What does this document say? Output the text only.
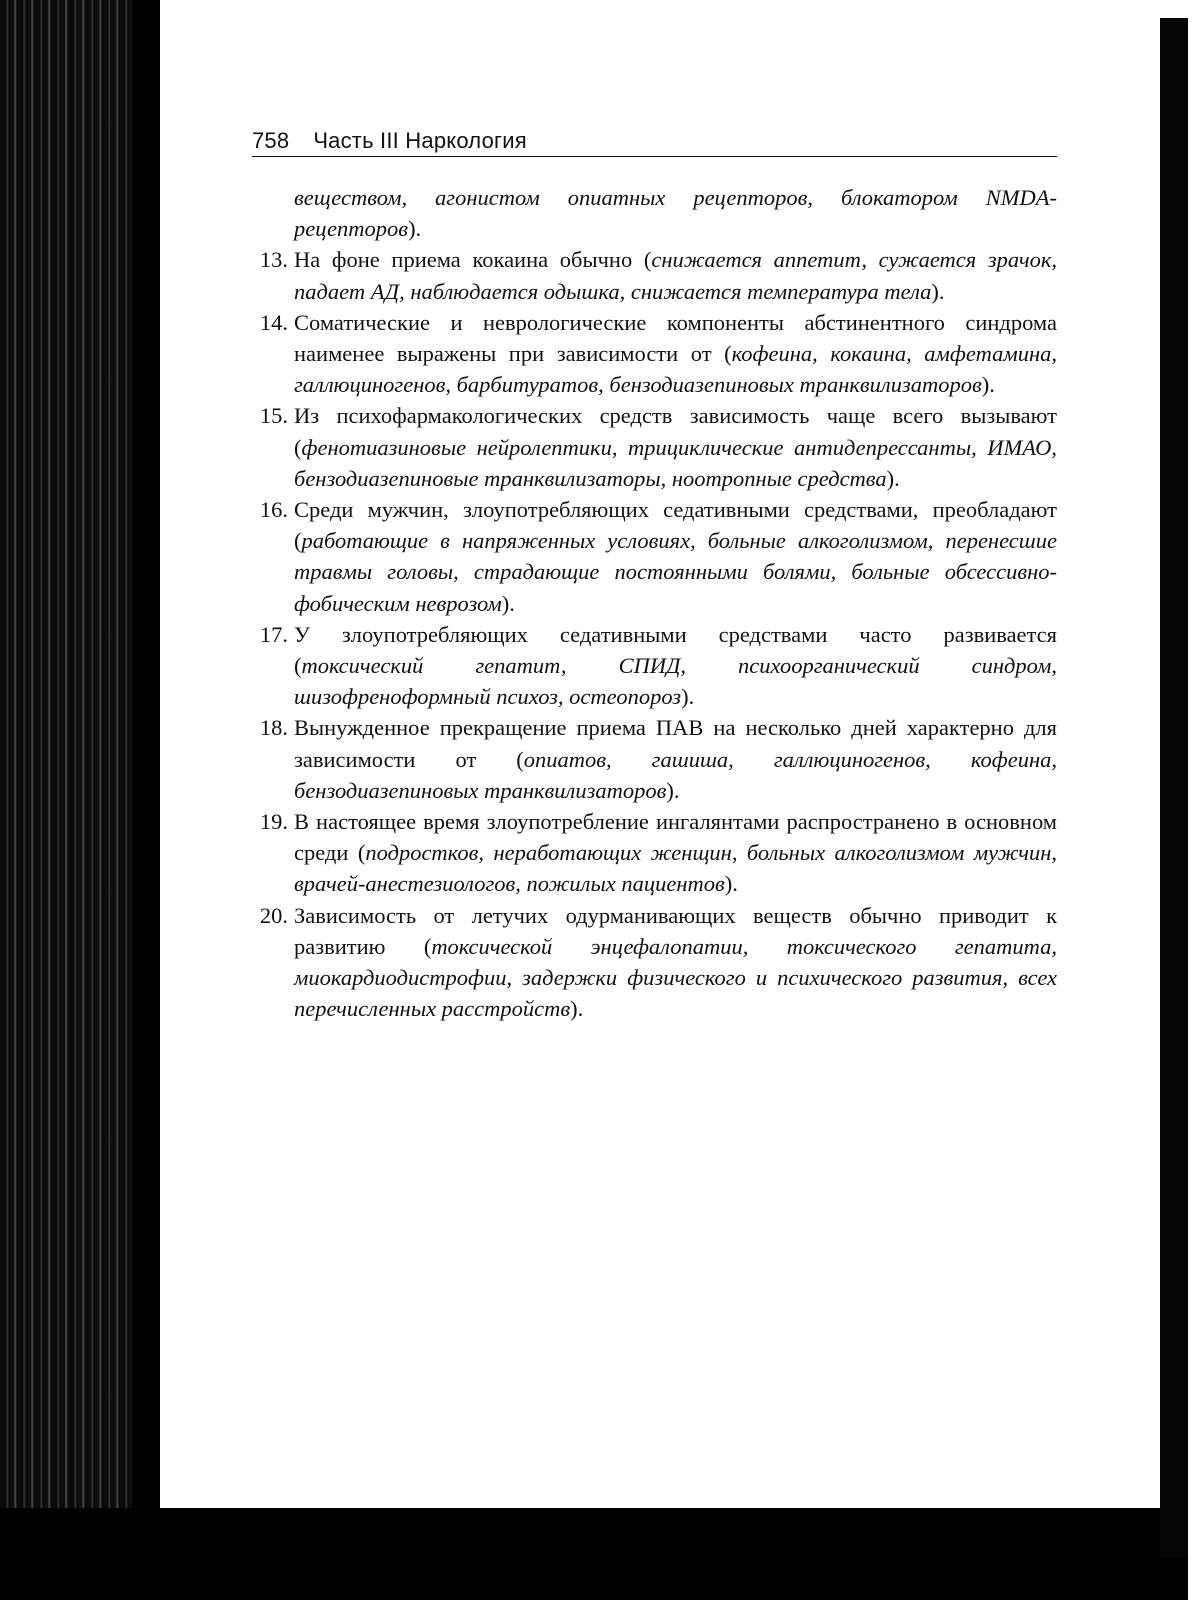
758 Часть III Наркология
веществом, агонистом опиатных рецепторов, блокатором NMDA-рецепторов).
13. На фоне приема кокаина обычно (снижается аппетит, сужается зрачок, падает АД, наблюдается одышка, снижается температура тела).
14. Соматические и неврологические компоненты абстинентного синдрома наименее выражены при зависимости от (кофеина, кокаина, амфетамина, галлюциногенов, барбитуратов, бензодиазепиновых транквилизаторов).
15. Из психофармакологических средств зависимость чаще всего вызывают (фенотиазиновые нейролептики, трициклические антидепрессанты, ИМАО, бензодиазепиновые транквилизаторы, ноотропные средства).
16. Среди мужчин, злоупотребляющих седативными средствами, преобладают (работающие в напряженных условиях, больные алкоголизмом, перенесшие травмы головы, страдающие постоянными болями, больные обсессивно-фобическим неврозом).
17. У злоупотребляющих седативными средствами часто развивается (токсический гепатит, СПИД, психоорганический синдром, шизофреноформный психоз, остеопороз).
18. Вынужденное прекращение приема ПАВ на несколько дней характерно для зависимости от (опиатов, гашиша, галлюциногенов, кофеина, бензодиазепиновых транквилизаторов).
19. В настоящее время злоупотребление ингалянтами распространено в основном среди (подростков, неработающих женщин, больных алкоголизмом мужчин, врачей-анестезиологов, пожилых пациентов).
20. Зависимость от летучих одурманивающих веществ обычно приводит к развитию (токсической энцефалопатии, токсического гепатита, миокардиодистрофии, задержки физического и психического развития, всех перечисленных расстройств).
